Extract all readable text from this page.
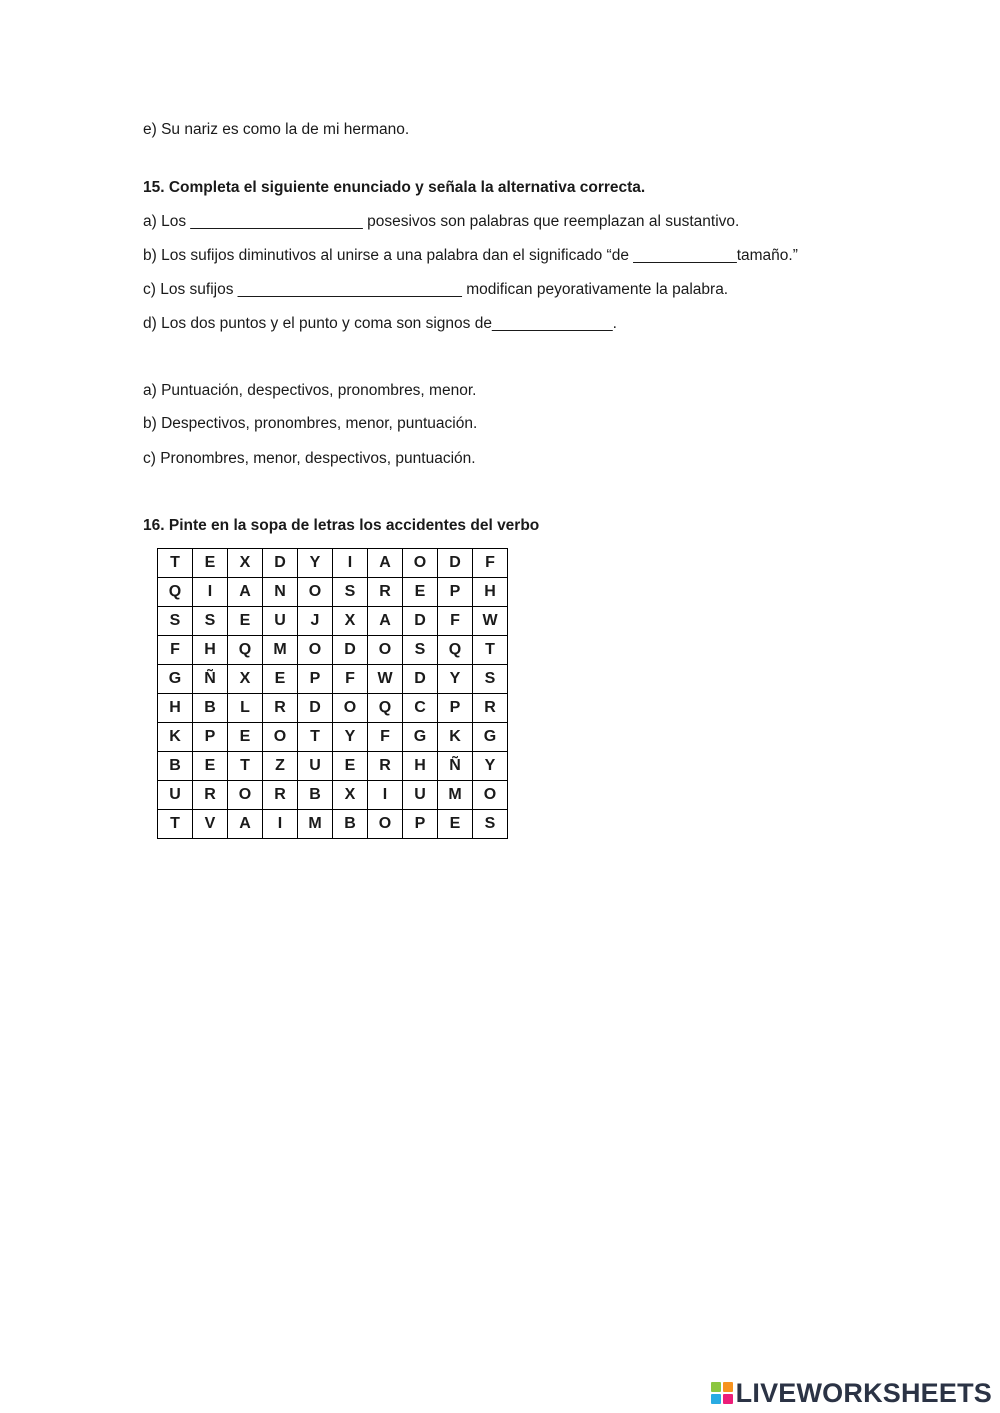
e) Su nariz es como la de mi hermano.
15. Completa el siguiente enunciado y señala la alternativa correcta.
a) Los ____________________ posesivos son palabras que reemplazan al sustantivo.
b) Los sufijos diminutivos al unirse a una palabra dan el significado “de ____________tamaño.”
c) Los sufijos __________________________ modifican peyorativamente la palabra.
d) Los dos puntos y el punto y coma son signos de______________.
a) Puntuación, despectivos, pronombres, menor.
b) Despectivos, pronombres, menor, puntuación.
c) Pronombres, menor, despectivos, puntuación.
16. Pinte en la sopa de letras los accidentes del verbo
T	E	X	D	Y	I	A	O	D	F
Q	I	A	N	O	S	R	E	P	H
S	S	E	U	J	X	A	D	F	W
F	H	Q	M	O	D	O	S	Q	T
G	Ñ	X	E	P	F	W	D	Y	S
H	B	L	R	D	O	Q	C	P	R
K	P	E	O	T	Y	F	G	K	G
B	E	T	Z	U	E	R	H	Ñ	Y
U	R	O	R	B	X	I	U	M	O
T	V	A	I	M	B	O	P	E	S
LIVEWORKSHEETS
